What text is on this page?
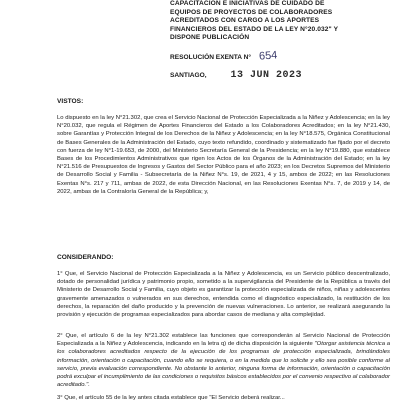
CAPACITACIÓN E INICIATIVAS DE CUIDADO DE
EQUIPOS DE PROYECTOS DE COLABORADORES
ACREDITADOS CON CARGO A LOS APORTES
FINANCIEROS DEL ESTADO DE LA LEY N°20.032" Y
DISPONE PUBLICACIÓN
RESOLUCIÓN EXENTA N° 654
SANTIAGO, 13 JUN 2023
VISTOS:
Lo dispuesto en la ley N°21.302, que crea el Servicio Nacional de Protección Especializada a la Niñez y Adolescencia; en la ley N°20.032, que regula el Régimen de Aportes Financieros del Estado a los Colaboradores Acreditados; en la ley N°21.430, sobre Garantías y Protección Integral de los Derechos de la Niñez y Adolescencia; en la ley N°18.575, Orgánica Constitucional de Bases Generales de la Administración del Estado, cuyo texto refundido, coordinado y sistematizado fue fijado por el decreto con fuerza de ley N°1-19.653, de 2000, del Ministerio Secretaría General de la Presidencia; en la ley N°19.880, que establece Bases de los Procedimientos Administrativos que rigen los Actos de los Órganos de la Administración del Estado; en la ley N°21.516 de Presupuestos de Ingresos y Gastos del Sector Público para el año 2023; en los Decretos Supremos del Ministerio de Desarrollo Social y Familia - Subsecretaría de la Niñez N°s. 19, de 2021, 4 y 15, ambos de 2022; en las Resoluciones Exentas N°s. 217 y 711, ambas de 2022, de esta Dirección Nacional, en las Resoluciones Exentas N°s. 7, de 2019 y 14, de 2022, ambas de la Contraloría General de la República; y,
CONSIDERANDO:
1° Que, el Servicio Nacional de Protección Especializada a la Niñez y Adolescencia, es un Servicio público descentralizado, dotado de personalidad jurídica y patrimonio propio, sometido a la supervigilancia del Presidente de la República a través del Ministerio de Desarrollo Social y Familia, cuyo objeto es garantizar la protección especializada de niños, niñas y adolescentes gravemente amenazados o vulnerados en sus derechos, entendida como el diagnóstico especializado, la restitución de los derechos, la reparación del daño producido y la prevención de nuevas vulneraciones. Lo anterior, se realizará asegurando la provisión y ejecución de programas especializados para abordar casos de mediana y alta complejidad.
2° Que, el artículo 6 de la ley N°21.302 establece las funciones que corresponderán al Servicio Nacional de Protección Especializada a la Niñez y Adolescencia, indicando en la letra q) de dicha disposición la siguiente "Otorgar asistencia técnica a los colaboradores acreditados respecto de la ejecución de los programas de protección especializada, brindándoles información, orientación o capacitación, cuando ello se requiera, o en la medida que lo solicite y ello sea posible conforme al servicio, previa evaluación correspondiente. No obstante lo anterior, ninguna forma de información, orientación o capacitación podrá exculpar el incumplimiento de las condiciones o requisitos básicos establecidos por el convenio respectivo al colaborador acreditado.".
3° Que, el artículo 55 de la ley antes citada establece que "El Servicio deberá realizar...
